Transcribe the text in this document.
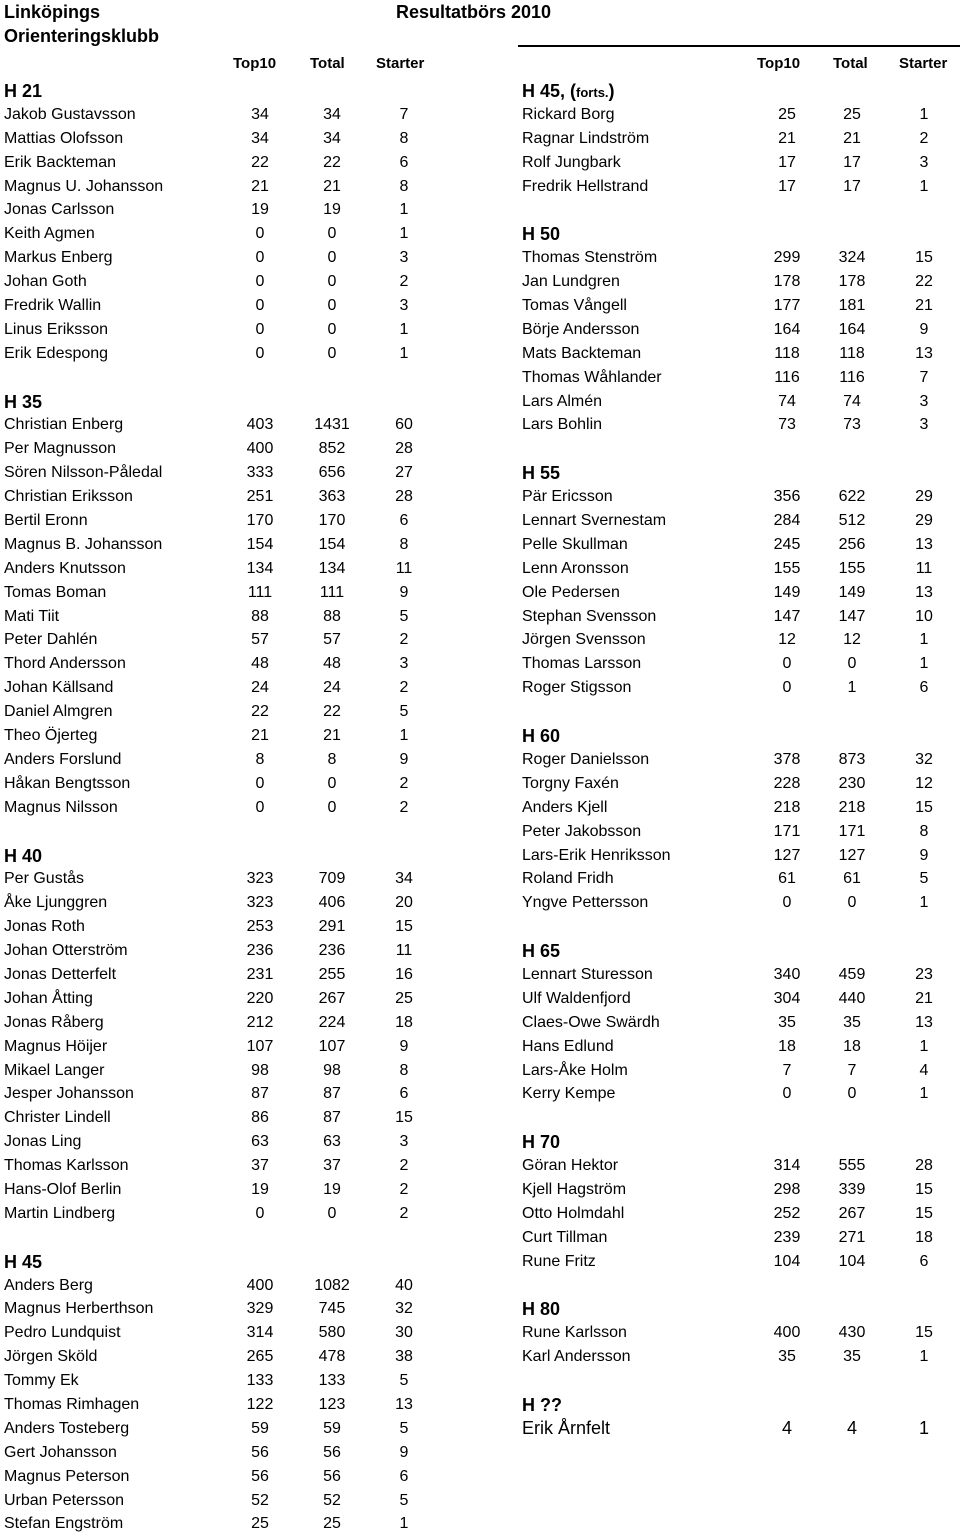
Linköpings
Orienteringsklubb
Resultatbörs 2010
Top10 Total Starter	Top10 Total Starter
H 21
Jakob Gustavsson	34	34	7
Mattias Olofsson	34	34	8
Erik Backteman	22	22	6
Magnus U. Johansson	21	21	8
Jonas Carlsson	19	19	1
Keith Agmen	0	0	1
Markus Enberg	0	0	3
Johan Goth	0	0	2
Fredrik Wallin	0	0	3
Linus Eriksson	0	0	1
Erik Edespong	0	0	1
H 35
Christian Enberg	403	1431	60
Per Magnusson	400	852	28
Sören Nilsson-Påledal	333	656	27
Christian Eriksson	251	363	28
Bertil Eronn	170	170	6
Magnus B. Johansson	154	154	8
Anders Knutsson	134	134	11
Tomas Boman	111	111	9
Mati Tiit	88	88	5
Peter Dahlén	57	57	2
Thord Andersson	48	48	3
Johan Källsand	24	24	2
Daniel Almgren	22	22	5
Theo Öjerteg	21	21	1
Anders Forslund	8	8	9
Håkan Bengtsson	0	0	2
Magnus Nilsson	0	0	2
H 40
Per Gustås	323	709	34
Åke Ljunggren	323	406	20
Jonas Roth	253	291	15
Johan Otterström	236	236	11
Jonas Detterfelt	231	255	16
Johan Åtting	220	267	25
Jonas Råberg	212	224	18
Magnus Höijer	107	107	9
Mikael Langer	98	98	8
Jesper Johansson	87	87	6
Christer Lindell	86	87	15
Jonas Ling	63	63	3
Thomas Karlsson	37	37	2
Hans-Olof Berlin	19	19	2
Martin Lindberg	0	0	2
H 45
Anders Berg	400	1082	40
Magnus Herberthson	329	745	32
Pedro Lundquist	314	580	30
Jörgen Sköld	265	478	38
Tommy Ek	133	133	5
Thomas Rimhagen	122	123	13
Anders Tosteberg	59	59	5
Gert Johansson	56	56	9
Magnus Peterson	56	56	6
Urban Petersson	52	52	5
Stefan Engström	25	25	1
H 45, (forts.)
Rickard Borg	25	25	1
Ragnar Lindström	21	21	2
Rolf Jungbark	17	17	3
Fredrik Hellstrand	17	17	1
H 50
Thomas Stenström	299	324	15
Jan Lundgren	178	178	22
Tomas Vångell	177	181	21
Börje Andersson	164	164	9
Mats Backteman	118	118	13
Thomas Wåhlander	116	116	7
Lars Almén	74	74	3
Lars Bohlin	73	73	3
H 55
Pär Ericsson	356	622	29
Lennart Svernestam	284	512	29
Pelle Skullman	245	256	13
Lenn Aronsson	155	155	11
Ole Pedersen	149	149	13
Stephan Svensson	147	147	10
Jörgen Svensson	12	12	1
Thomas Larsson	0	0	1
Roger Stigsson	0	1	6
H 60
Roger Danielsson	378	873	32
Torgny Faxén	228	230	12
Anders Kjell	218	218	15
Peter Jakobsson	171	171	8
Lars-Erik Henriksson	127	127	9
Roland Fridh	61	61	5
Yngve Pettersson	0	0	1
H 65
Lennart Sturesson	340	459	23
Ulf Waldenfjord	304	440	21
Claes-Owe Swärdh	35	35	13
Hans Edlund	18	18	1
Lars-Åke Holm	7	7	4
Kerry Kempe	0	0	1
H 70
Göran Hektor	314	555	28
Kjell Hagström	298	339	15
Otto Holmdahl	252	267	15
Curt Tillman	239	271	18
Rune Fritz	104	104	6
H 80
Rune Karlsson	400	430	15
Karl Andersson	35	35	1
H ??
Erik Årnfelt	4	4	1
